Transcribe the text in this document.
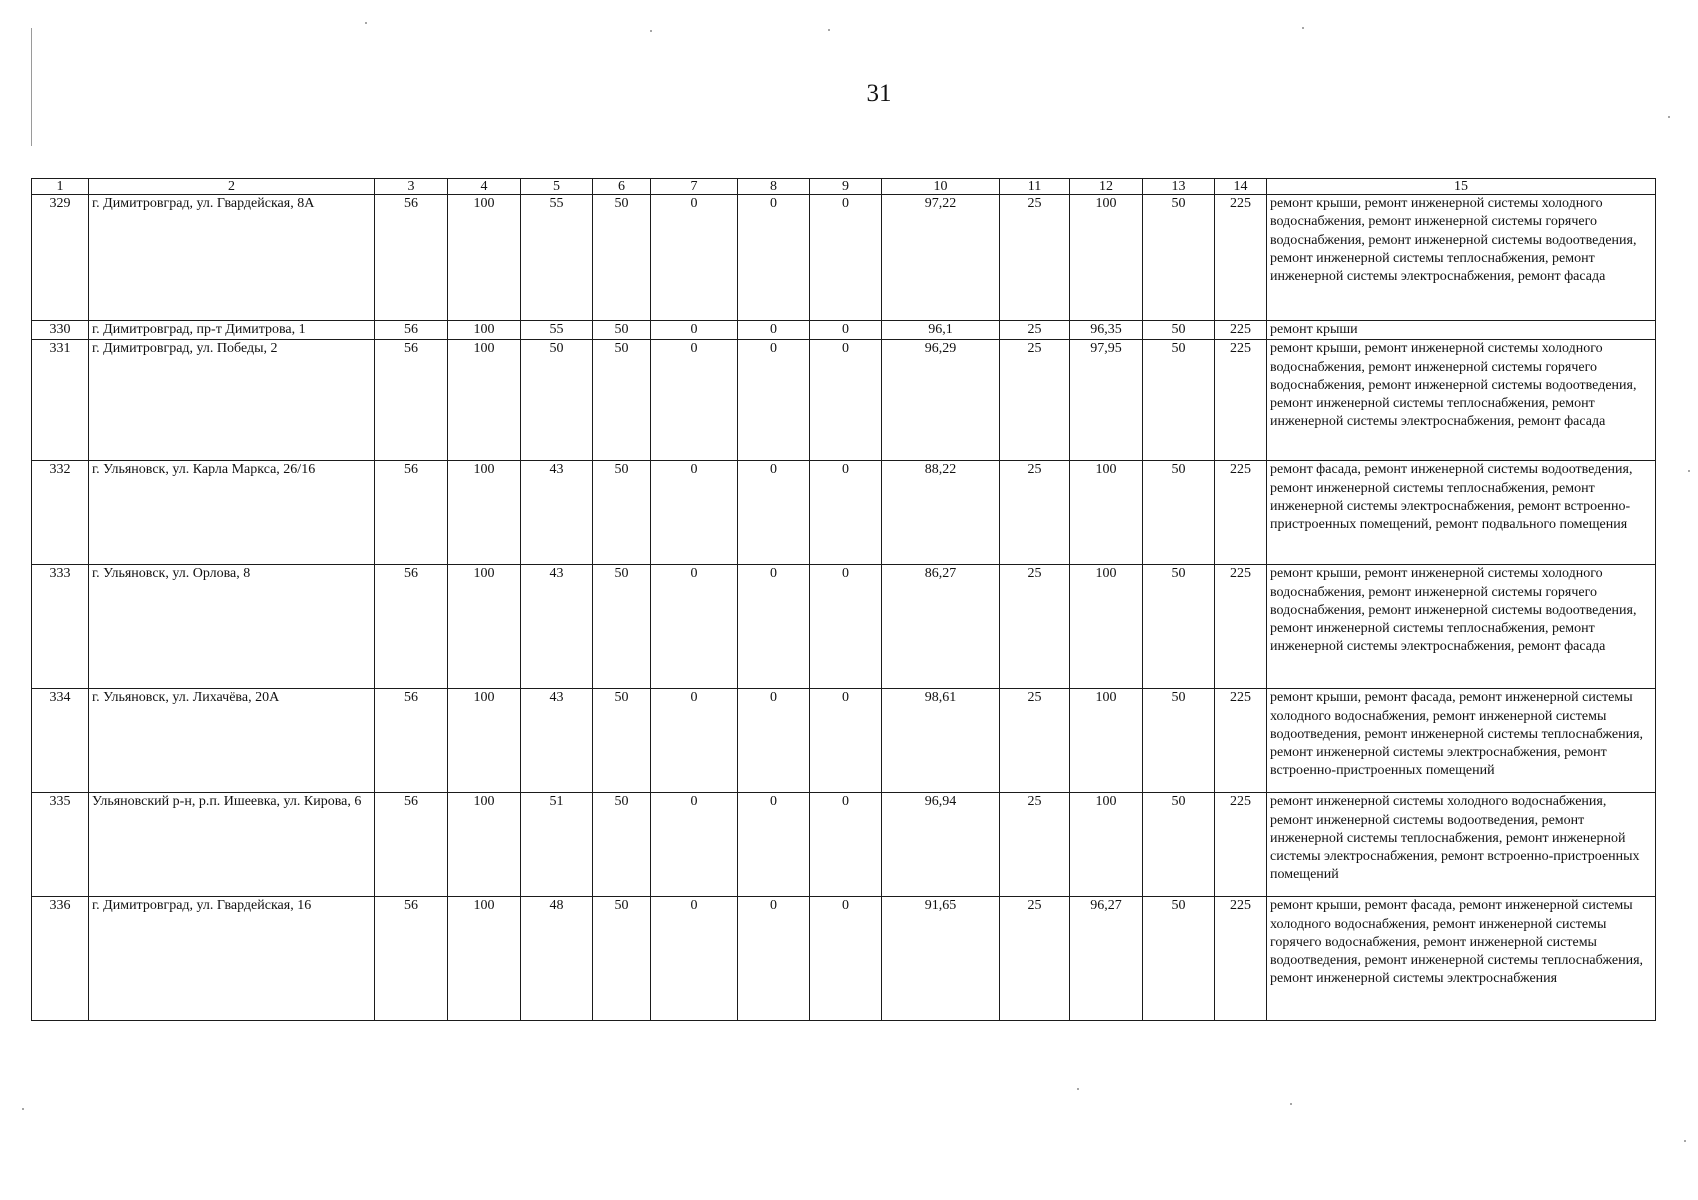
31
1	2	3	4	5	6	7	8	9	10	11	12	13	14	15
329	г. Димитровград, ул. Гвардейская, 8А	56	100	55	50	0	0	0	97,22	25	100	50	225	ремонт крыши, ремонт инженерной системы холодного водоснабжения, ремонт инженерной системы горячего водоснабжения, ремонт инженерной системы водоотведения, ремонт инженерной системы теплоснабжения, ремонт инженерной системы электроснабжения, ремонт фасада
330	г. Димитровград, пр-т Димитрова, 1	56	100	55	50	0	0	0	96,1	25	96,35	50	225	ремонт крыши
331	г. Димитровград, ул. Победы, 2	56	100	50	50	0	0	0	96,29	25	97,95	50	225	ремонт крыши, ремонт инженерной системы холодного водоснабжения, ремонт инженерной системы горячего водоснабжения, ремонт инженерной системы водоотведения, ремонт инженерной системы теплоснабжения, ремонт инженерной системы электроснабжения, ремонт фасада
332	г. Ульяновск, ул. Карла Маркса, 26/16	56	100	43	50	0	0	0	88,22	25	100	50	225	ремонт фасада, ремонт инженерной системы водоотведения, ремонт инженерной системы теплоснабжения, ремонт инженерной системы электроснабжения, ремонт встроенно-пристроенных помещений, ремонт подвального помещения
333	г. Ульяновск, ул. Орлова, 8	56	100	43	50	0	0	0	86,27	25	100	50	225	ремонт крыши, ремонт инженерной системы холодного водоснабжения, ремонт инженерной системы горячего водоснабжения, ремонт инженерной системы водоотведения, ремонт инженерной системы теплоснабжения, ремонт инженерной системы электроснабжения, ремонт фасада
334	г. Ульяновск, ул. Лихачёва, 20А	56	100	43	50	0	0	0	98,61	25	100	50	225	ремонт крыши, ремонт фасада, ремонт инженерной системы холодного водоснабжения, ремонт инженерной системы водоотведения, ремонт инженерной системы теплоснабжения, ремонт инженерной системы электроснабжения, ремонт встроенно-пристроенных помещений
335	Ульяновский р-н, р.п. Ишеевка, ул. Кирова, 6	56	100	51	50	0	0	0	96,94	25	100	50	225	ремонт инженерной системы холодного водоснабжения, ремонт инженерной системы водоотведения, ремонт инженерной системы теплоснабжения, ремонт инженерной системы электроснабжения, ремонт встроенно-пристроенных помещений
336	г. Димитровград, ул. Гвардейская, 16	56	100	48	50	0	0	0	91,65	25	96,27	50	225	ремонт крыши, ремонт фасада, ремонт инженерной системы холодного водоснабжения, ремонт инженерной системы горячего водоснабжения, ремонт инженерной системы водоотведения, ремонт инженерной системы теплоснабжения, ремонт инженерной системы электроснабжения
